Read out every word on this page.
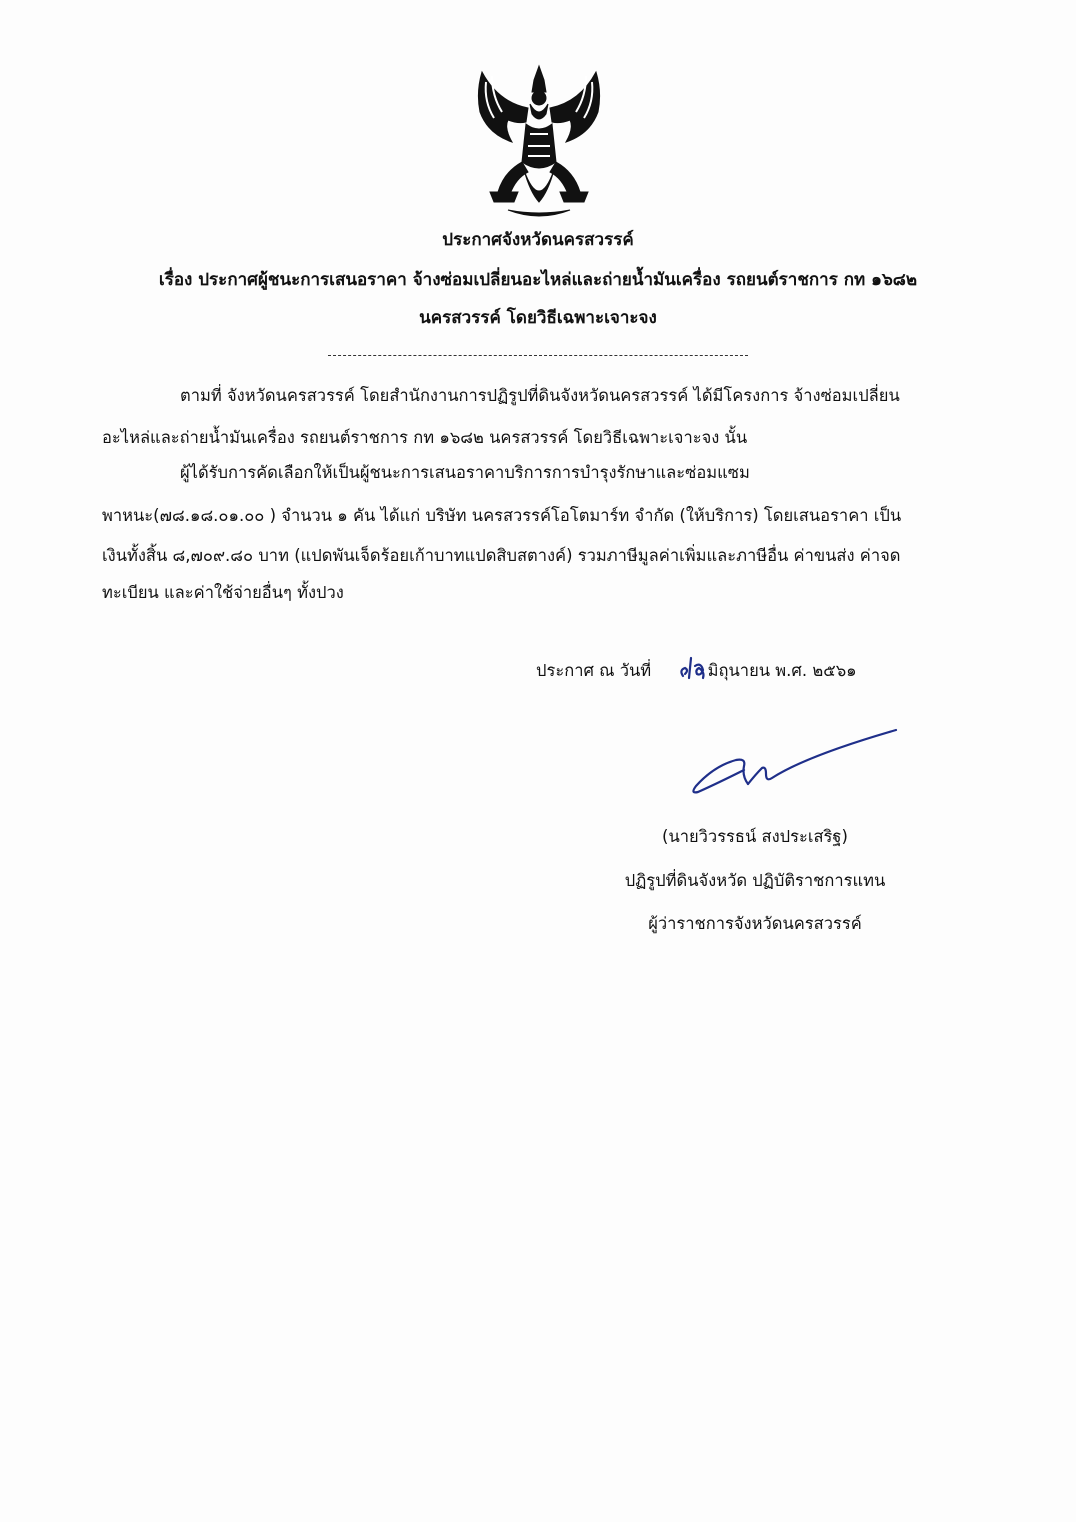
ประกาศจังหวัดนครสวรรค์
เรื่อง ประกาศผู้ชนะการเสนอราคา จ้างซ่อมเปลี่ยนอะไหล่และถ่ายน้ำมันเครื่อง รถยนต์ราชการ กท ๑๖๘๒
นครสวรรค์ โดยวิธีเฉพาะเจาะจง
ตามที่ จังหวัดนครสวรรค์ โดยสำนักงานการปฏิรูปที่ดินจังหวัดนครสวรรค์ ได้มีโครงการ จ้างซ่อมเปลี่ยน
อะไหล่และถ่ายน้ำมันเครื่อง รถยนต์ราชการ กท ๑๖๘๒ นครสวรรค์ โดยวิธีเฉพาะเจาะจง นั้น
ผู้ได้รับการคัดเลือกให้เป็นผู้ชนะการเสนอราคาบริการการบำรุงรักษาและซ่อมแซม
พาหนะ(๗๘.๑๘.๐๑.๐๐ ) จำนวน ๑ คัน ได้แก่ บริษัท นครสวรรค์โอโตมาร์ท จำกัด (ให้บริการ) โดยเสนอราคา เป็น
เงินทั้งสิ้น ๘,๗๐๙.๘๐ บาท (แปดพันเจ็ดร้อยเก้าบาทแปดสิบสตางค์) รวมภาษีมูลค่าเพิ่มและภาษีอื่น ค่าขนส่ง ค่าจด
ทะเบียน และค่าใช้จ่ายอื่นๆ ทั้งปวง
ประกาศ ณ วันที่	มิถุนายน พ.ศ. ๒๕๖๑
(นายวิวรรธน์ สงประเสริฐ)
ปฏิรูปที่ดินจังหวัด ปฏิบัติราชการแทน
ผู้ว่าราชการจังหวัดนครสวรรค์
